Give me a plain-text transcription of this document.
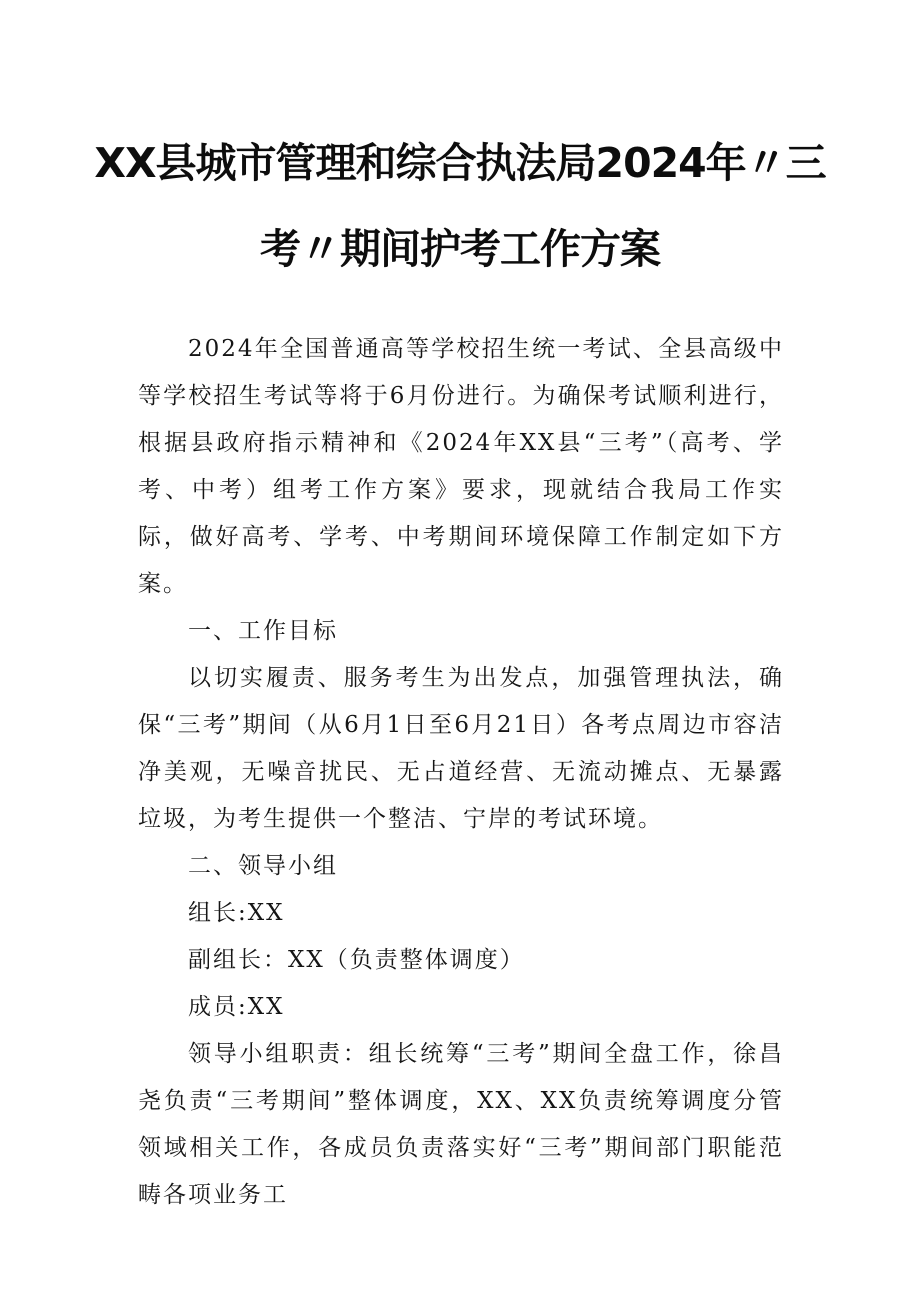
XX县城市管理和综合执法局2024年〃三
考〃期间护考工作方案

2024年全国普通高等学校招生统一考试、全县高级中等学校招生考试等将于6月份进行。为确保考试顺利进行，根据县政府指示精神和《2024年XX县“三考”（高考、学考、中考）组考工作方案》要求，现就结合我局工作实际，做好高考、学考、中考期间环境保障工作制定如下方案。

一、工作目标

以切实履责、服务考生为出发点，加强管理执法，确保“三考”期间（从6月1日至6月21日）各考点周边市容洁净美观，无噪音扰民、无占道经营、无流动摊点、无暴露垃圾，为考生提供一个整洁、宁岸的考试环境。

二、领导小组

组长:XX

副组长：XX（负责整体调度）

成员:XX

领导小组职责：组长统筹“三考”期间全盘工作，徐昌尧负责“三考期间”整体调度，XX、XX负责统筹调度分管领域相关工作，各成员负责落实好“三考”期间部门职能范畴各项业务工
